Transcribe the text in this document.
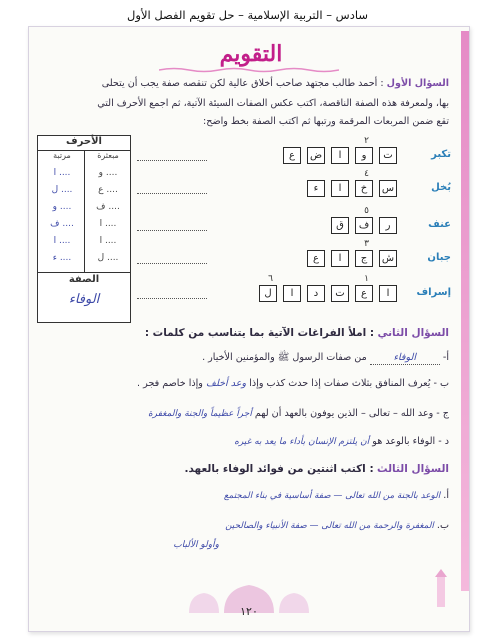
سادس – التربية الإسلامية – حل تقويم الفصل الأول
التقويم
السؤال الأول : أحمد طالب مجتهد صاحب أخلاق عالية لكن تنقصه صفة يجب أن يتحلى
بها، ولمعرفة هذه الصفة الناقصة، اكتب عكس الصفات السيئة الآتية، ثم اجمع الأحرف التي
تقع ضمن المربعات المرقمة ورتبها ثم اكتب الصفة بخط واضح:
الأحرف
مبعثرة
مرتبة
و ....
ا ....
ع ....
ل ....
ف ....
و ....
ا ....
ف ....
ا ....
ا ....
ل ....
ء ....
الصفة
الوفاء
السؤال الثاني : املأ الفراغات الآتية بما يتناسب من كلمات :
أ- الوفاء من صفات الرسول ﷺ والمؤمنين الأخيار .
ب - يُعرف المنافق بثلاث صفات إذا حدث كذب وإذا وعد أخلف وإذا خاصم فجر .
ج - وعد الله – تعالى – الذين يوفون بالعهد أن لهم أجراً عظيماً والجنة والمغفرة
د - الوفاء بالوعد هو أن يلتزم الإنسان بأداء ما يعد به غيره
السؤال الثالث : اكتب اثنتين من فوائد الوفاء بالعهد.
أ. الوعد بالجنة من الله تعالى — صفة أساسية في بناء المجتمع
ب. المغفرة والرحمة من الله تعالى — صفة الأنبياء والصالحين
وأولو الألباب
١٢٠
تكبر
ت
و
ا
ض
ع
٢
بُخل
س
خ
ا
ء
٤
عنف
ر
ف
ق
٥
جبان
ش
ج
ا
ع
٣
إسراف
ا
ع
ت
د
ا
ل
١
٦
